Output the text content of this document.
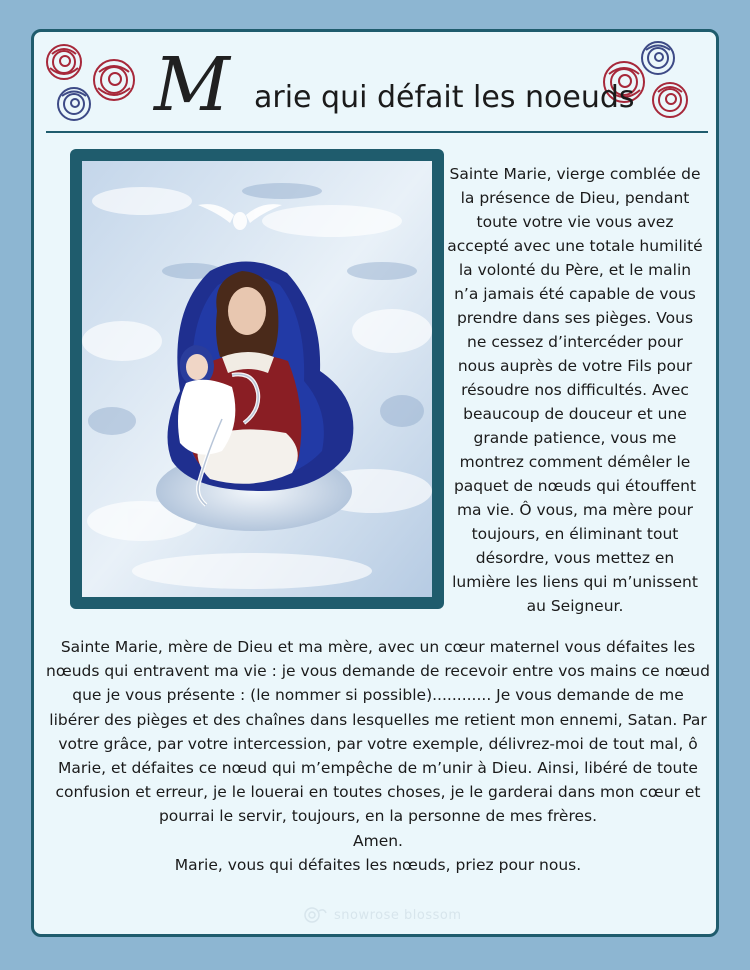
M arie qui défait les noeuds
Sainte Marie, vierge comblée de la présence de Dieu, pendant toute votre vie vous avez accepté avec une totale humilité la volonté du Père, et le malin n’a jamais été capable de vous prendre dans ses pièges. Vous ne cessez d’intercéder pour nous auprès de votre Fils pour résoudre nos difficultés. Avec beaucoup de douceur et une grande patience, vous me montrez comment démêler le paquet de nœuds qui étouffent ma vie. Ô vous, ma mère pour toujours, en éliminant tout désordre, vous mettez en lumière les liens qui m’unissent au Seigneur.

Sainte Marie, mère de Dieu et ma mère, avec un cœur maternel vous défaites les nœuds qui entravent ma vie : je vous demande de recevoir entre vos mains ce nœud que je vous présente : (le nommer si possible)............ Je vous demande de me libérer des pièges et des chaînes dans lesquelles me retient mon ennemi, Satan. Par votre grâce, par votre intercession, par votre exemple, délivrez-moi de tout mal, ô Marie, et défaites ce nœud qui m’empêche de m’unir à Dieu. Ainsi, libéré de toute confusion et erreur, je le louerai en toutes choses, je le garderai dans mon cœur et pourrai le servir, toujours, en la personne de mes frères.

Amen.

Marie, vous qui défaites les nœuds, priez pour nous.

snowrose blossom
